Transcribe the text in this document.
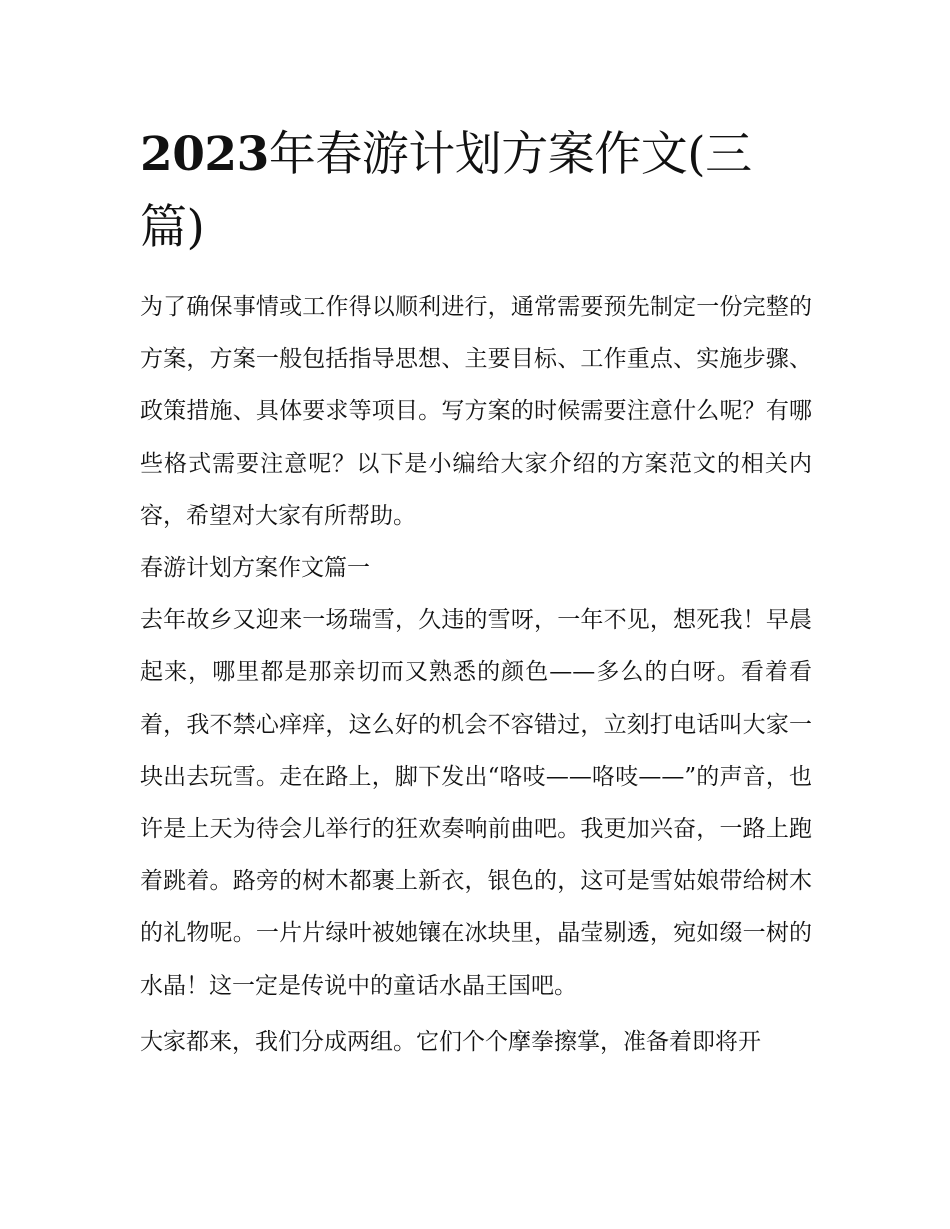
2023年春游计划方案作文(三篇)

为了确保事情或工作得以顺利进行，通常需要预先制定一份完整的方案，方案一般包括指导思想、主要目标、工作重点、实施步骤、政策措施、具体要求等项目。写方案的时候需要注意什么呢？有哪些格式需要注意呢？以下是小编给大家介绍的方案范文的相关内容，希望对大家有所帮助。

春游计划方案作文篇一

去年故乡又迎来一场瑞雪，久违的雪呀，一年不见，想死我！早晨起来，哪里都是那亲切而又熟悉的颜色——多么的白呀。看着看着，我不禁心痒痒，这么好的机会不容错过，立刻打电话叫大家一块出去玩雪。走在路上，脚下发出“咯吱——咯吱——”的声音，也许是上天为待会儿举行的狂欢奏响前曲吧。我更加兴奋，一路上跑着跳着。路旁的树木都裹上新衣，银色的，这可是雪姑娘带给树木的礼物呢。一片片绿叶被她镶在冰块里，晶莹剔透，宛如缀一树的水晶！这一定是传说中的童话水晶王国吧。

大家都来，我们分成两组。它们个个摩拳擦掌，准备着即将开
